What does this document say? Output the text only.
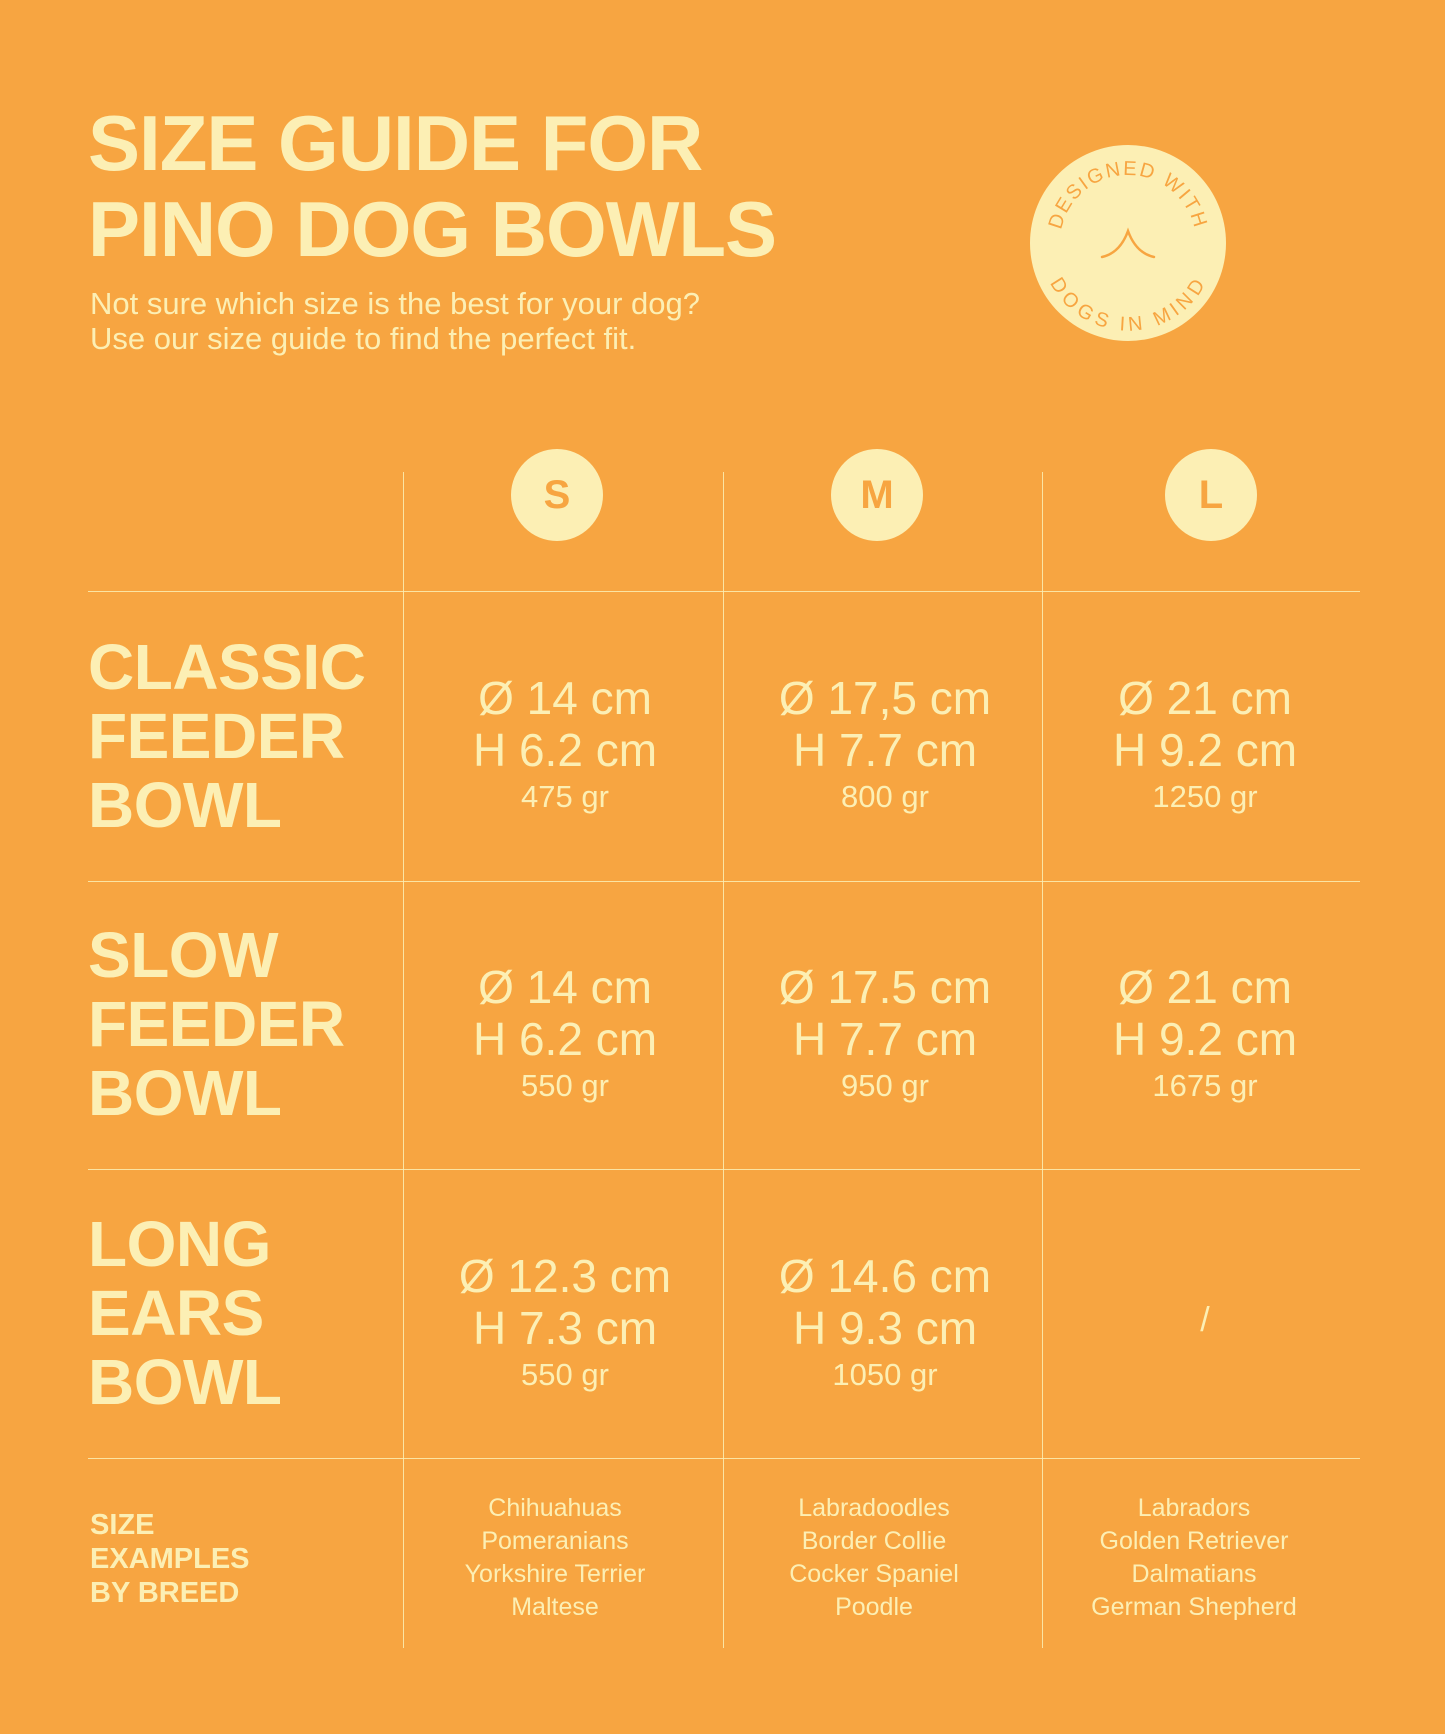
SIZE GUIDE FOR
PINO DOG BOWLS

Not sure which size is the best for your dog?
Use our size guide to find the perfect fit.

DESIGNED WITH
DOGS IN MIND
S	M	L
CLASSIC
FEEDER
BOWL
Ø 14 cm
H 6.2 cm
475 gr
Ø 17,5 cm
H 7.7 cm
800 gr
Ø 21 cm
H 9.2 cm
1250 gr
SLOW
FEEDER
BOWL
Ø 14 cm
H 6.2 cm
550 gr
Ø 17.5 cm
H 7.7 cm
950 gr
Ø 21 cm
H 9.2 cm
1675 gr
LONG
EARS
BOWL
Ø 12.3 cm
H 7.3 cm
550 gr
Ø 14.6 cm
H 9.3 cm
1050 gr
/
SIZE
EXAMPLES
BY BREED
Chihuahuas
Pomeranians
Yorkshire Terrier
Maltese
Labradoodles
Border Collie
Cocker Spaniel
Poodle
Labradors
Golden Retriever
Dalmatians
German Shepherd
